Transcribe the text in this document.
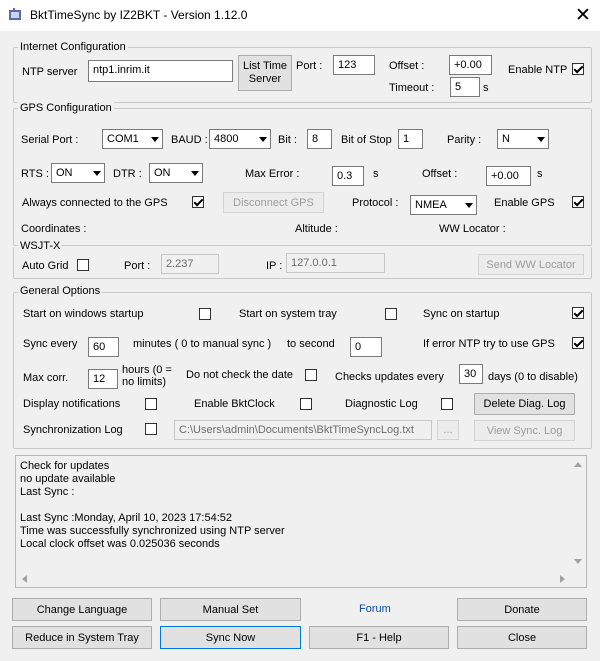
BktTimeSync by IZ2BKT - Version 1.12.0	✕
Internet Configuration
NTP server	ntp1.inrim.it	List Time
Server
Port :	123	Offset :	+0.00
Timeout :	5	s
Enable NTP
GPS Configuration
Serial Port :	COM1	BAUD : 4800	Bit :	8	Bit of Stop	1	Parity : N
RTS : ON	DTR : ON	Max Error :	0.3	s	Offset :	+0.00	s
Always connected to the GPS	Disconnect GPS	Protocol : NMEA	Enable GPS
Coordinates :	Altitude :	WW Locator :
WSJT-X
Auto Grid	Port :	2.237	IP : 127.0.0.1	Send WW Locator
General Options
Start on windows startup	Start on system tray	Sync on startup
Sync every	60	minutes ( 0 to manual sync ) to second	0	If error NTP try to use GPS
Max corr.	12
hours (0 =
no limits)
Do not check the date	Checks updates every	30	days (0 to disable)
Display notifications	Enable BktClock	Diagnostic Log	Delete Diag. Log
Synchronization Log	C:\Users\admin\Documents\BktTimeSyncLog.txt	...	View Sync. Log
Check for updates
no update available
Last Sync :
Last Sync :Monday, April 10, 2023 17:54:52
Time was successfully synchronized using NTP server
Local clock offset was 0.025036 seconds
Change Language	Manual Set	Forum	Donate
Reduce in System Tray	Sync Now	F1 - Help	Close
